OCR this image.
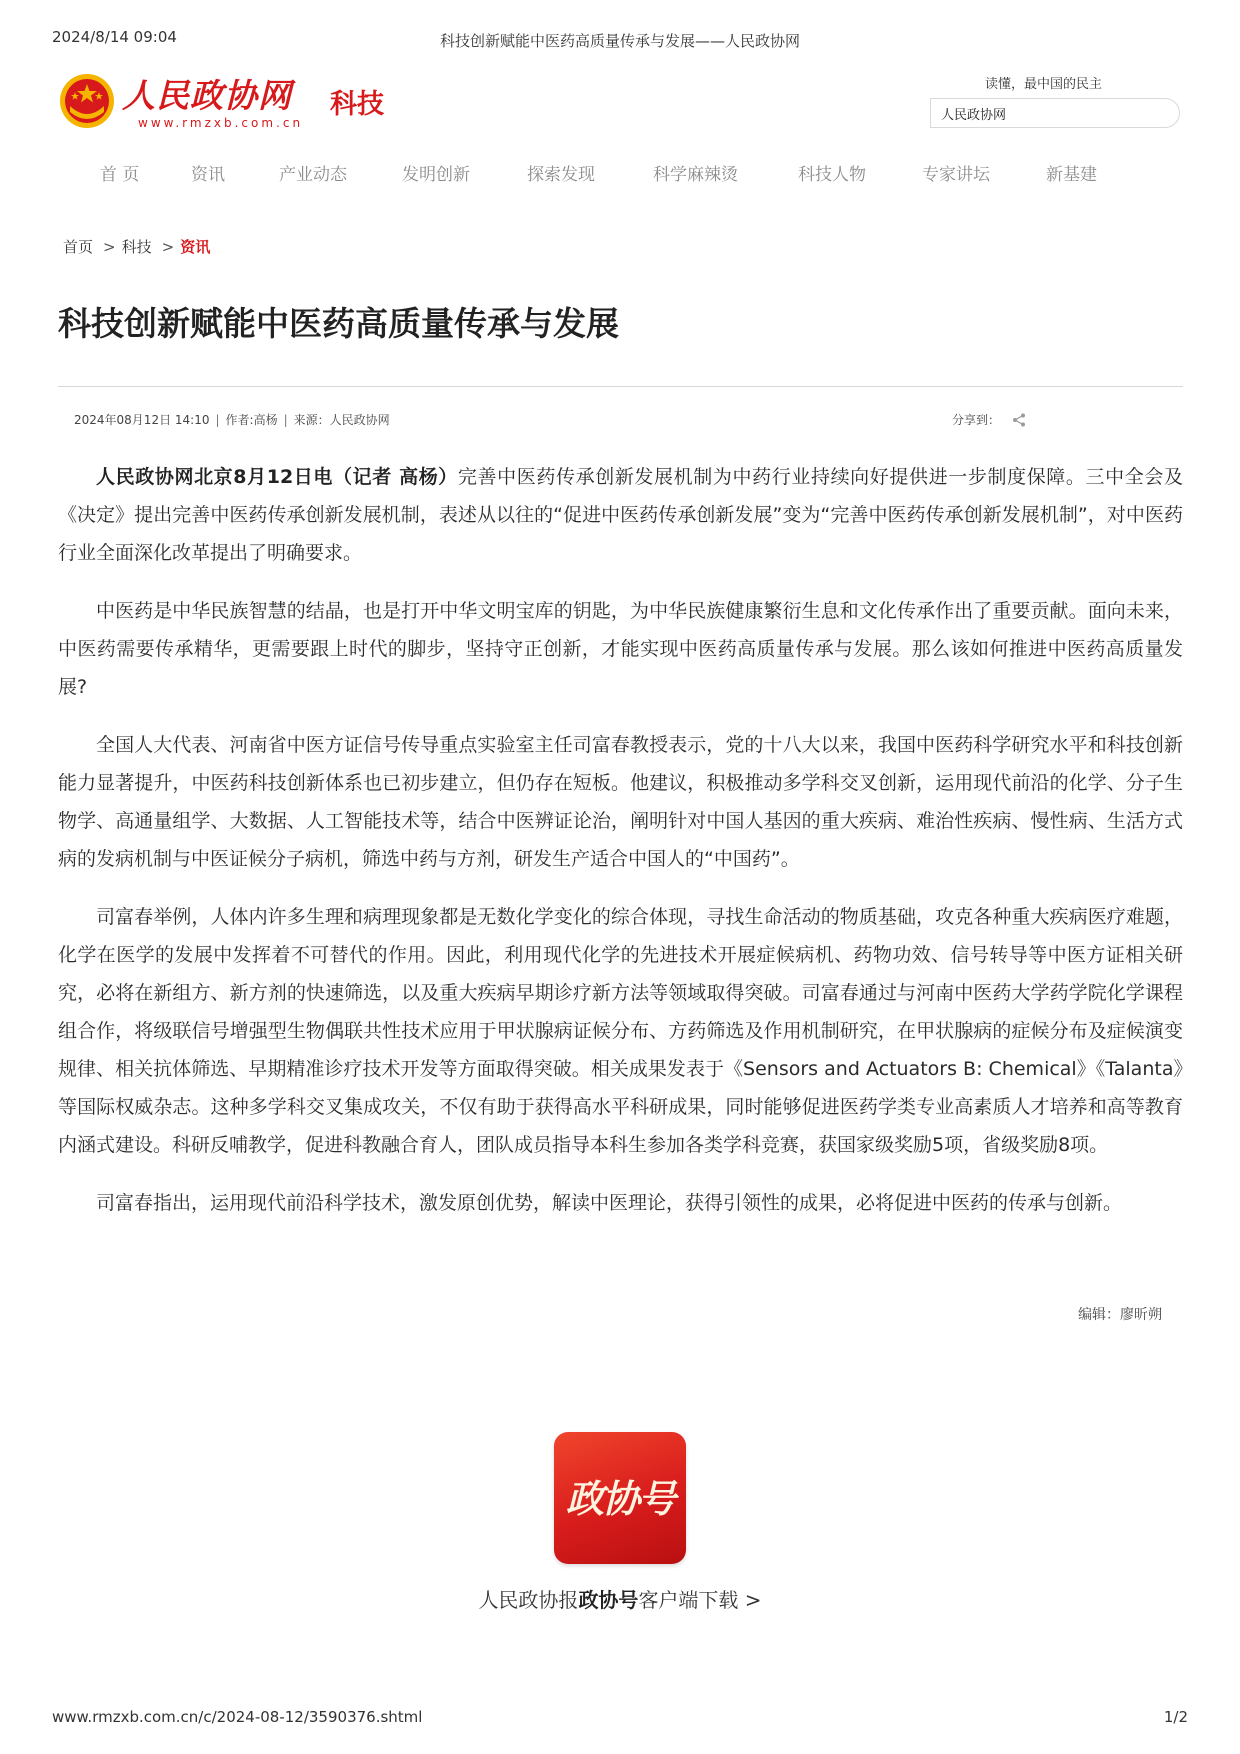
2024/8/14 09:04	科技创新赋能中医药高质量传承与发展——人民政协网
人民政协网
www.rmzxb.com.cn
科技
读懂，最中国的民主
人民政协网
首 页	资讯	产业动态	发明创新	探索发现	科学麻辣烫	科技人物	专家讲坛	新基建
首页 > 科技 > 资讯
科技创新赋能中医药高质量传承与发展
2024年08月12日 14:10 | 作者:高杨 | 来源：人民政协网	分享到：

人民政协网北京8月12日电（记者 高杨）完善中医药传承创新发展机制为中药行业持续向好提供进一步制度保障。三中全会及《决定》提出完善中医药传承创新发展机制，表述从以往的“促进中医药传承创新发展”变为“完善中医药传承创新发展机制”，对中医药行业全面深化改革提出了明确要求。

中医药是中华民族智慧的结晶，也是打开中华文明宝库的钥匙，为中华民族健康繁衍生息和文化传承作出了重要贡献。面向未来，中医药需要传承精华，更需要跟上时代的脚步，坚持守正创新，才能实现中医药高质量传承与发展。那么该如何推进中医药高质量发展?

全国人大代表、河南省中医方证信号传导重点实验室主任司富春教授表示，党的十八大以来，我国中医药科学研究水平和科技创新能力显著提升，中医药科技创新体系也已初步建立，但仍存在短板。他建议，积极推动多学科交叉创新，运用现代前沿的化学、分子生物学、高通量组学、大数据、人工智能技术等，结合中医辨证论治，阐明针对中国人基因的重大疾病、难治性疾病、慢性病、生活方式病的发病机制与中医证候分子病机，筛选中药与方剂，研发生产适合中国人的“中国药”。

司富春举例，人体内许多生理和病理现象都是无数化学变化的综合体现，寻找生命活动的物质基础，攻克各种重大疾病医疗难题，化学在医学的发展中发挥着不可替代的作用。因此，利用现代化学的先进技术开展症候病机、药物功效、信号转导等中医方证相关研究，必将在新组方、新方剂的快速筛选，以及重大疾病早期诊疗新方法等领域取得突破。司富春通过与河南中医药大学药学院化学课程组合作，将级联信号增强型生物偶联共性技术应用于甲状腺病证候分布、方药筛选及作用机制研究，在甲状腺病的症候分布及症候演变规律、相关抗体筛选、早期精准诊疗技术开发等方面取得突破。相关成果发表于《Sensors and Actuators B: Chemical》《Talanta》等国际权威杂志。这种多学科交叉集成攻关，不仅有助于获得高水平科研成果，同时能够促进医药学类专业高素质人才培养和高等教育内涵式建设。科研反哺教学，促进科教融合育人，团队成员指导本科生参加各类学科竞赛，获国家级奖励5项，省级奖励8项。

司富春指出，运用现代前沿科学技术，激发原创优势，解读中医理论，获得引领性的成果，必将促进中医药的传承与创新。

编辑：廖昕朔
政协号
人民政协报政协号客户端下载 >
www.rmzxb.com.cn/c/2024-08-12/3590376.shtml	1/2
